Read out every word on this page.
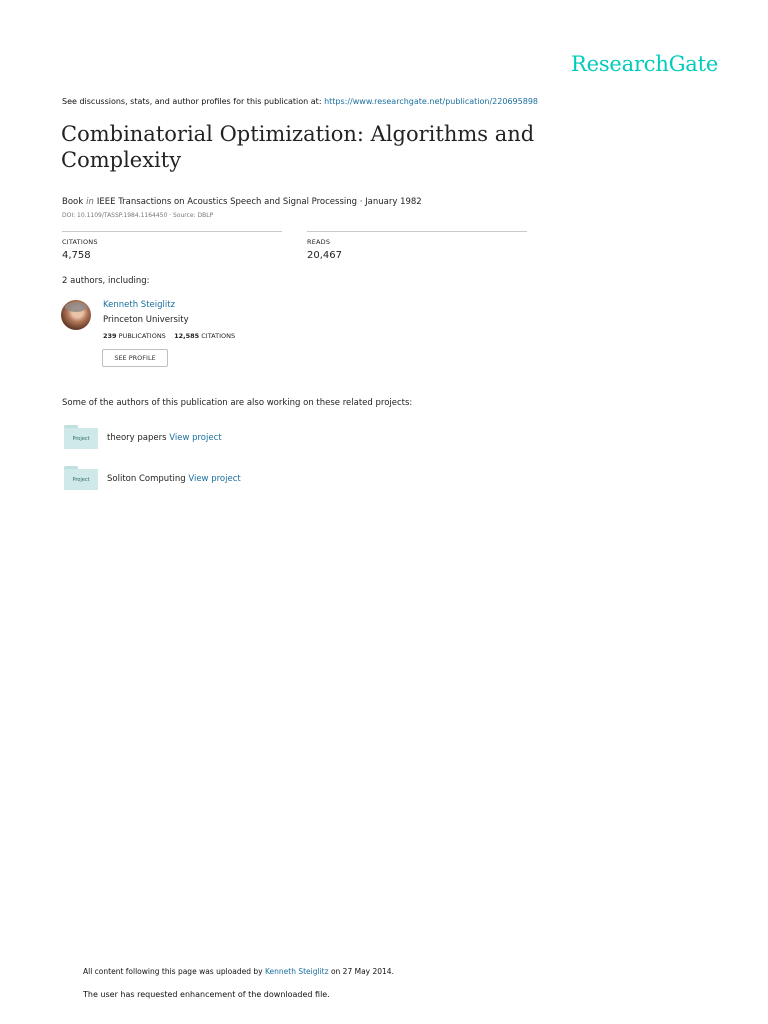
ResearchGate
See discussions, stats, and author profiles for this publication at: https://www.researchgate.net/publication/220695898
Combinatorial Optimization: Algorithms and Complexity
Book in IEEE Transactions on Acoustics Speech and Signal Processing · January 1982
DOI: 10.1109/TASSP.1984.1164450 · Source: DBLP
CITATIONS
4,758
READS
20,467
2 authors, including:
Kenneth Steiglitz
Princeton University
239 PUBLICATIONS 12,585 CITATIONS
SEE PROFILE
Some of the authors of this publication are also working on these related projects:
Project theory papers View project
Project Soliton Computing View project
All content following this page was uploaded by Kenneth Steiglitz on 27 May 2014.
The user has requested enhancement of the downloaded file.
